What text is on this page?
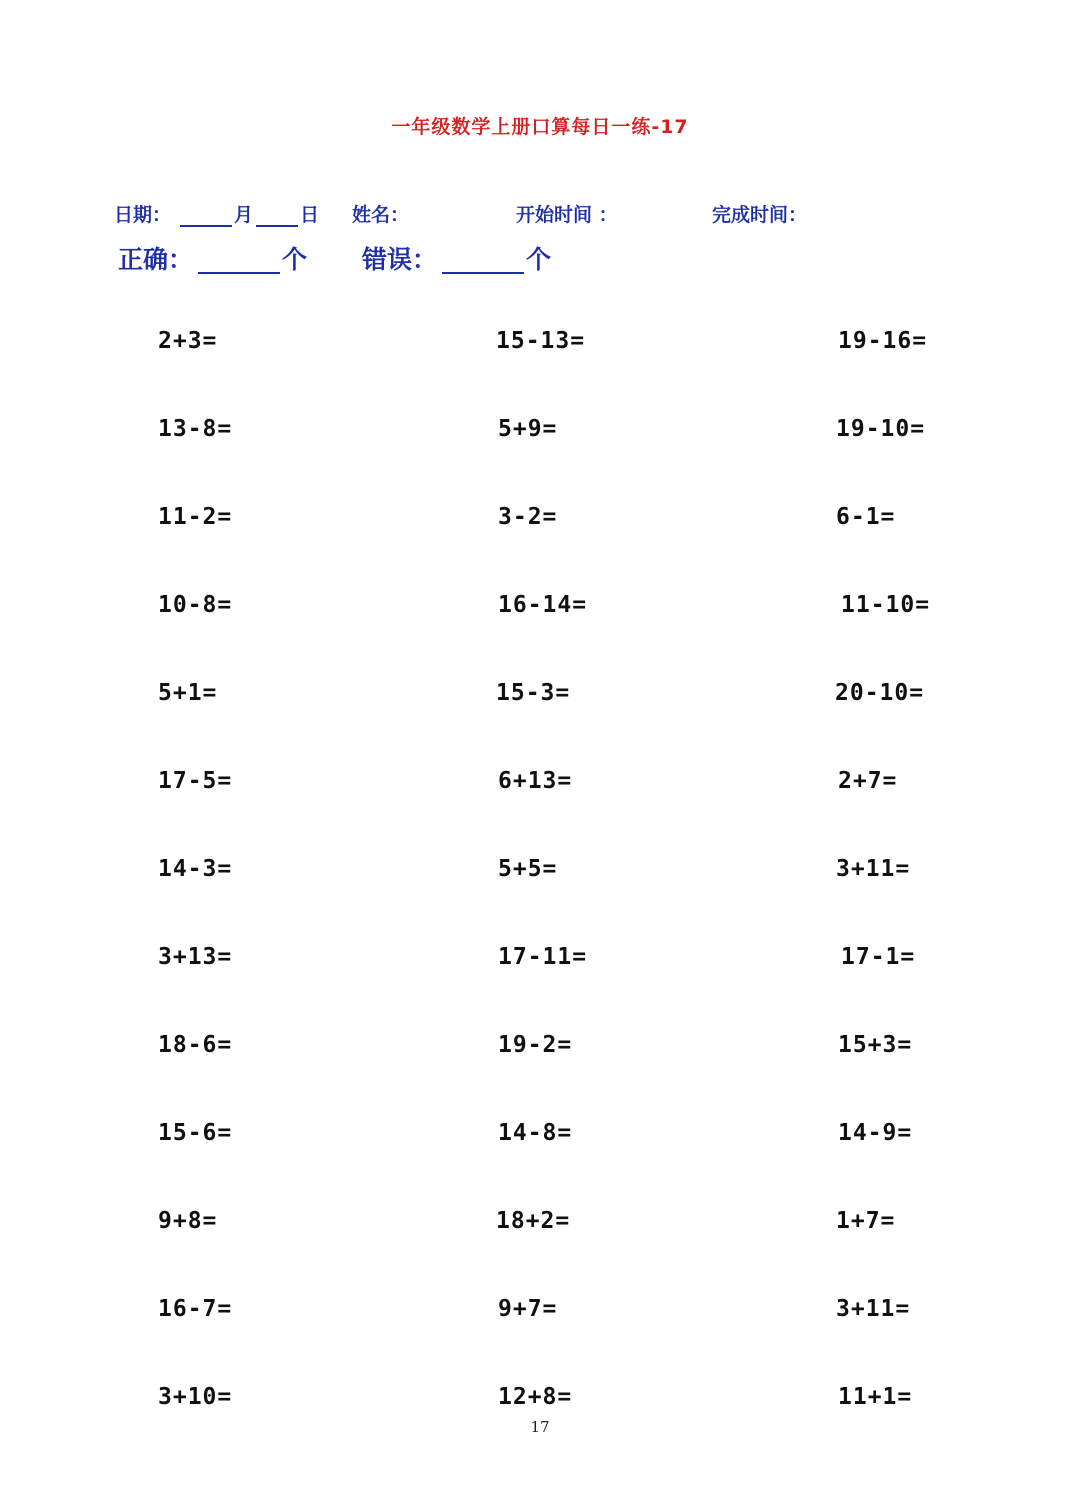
一年级数学上册口算每日一练-17
日期：	月 日 姓名：	开始时间 ：	完成时间：
正确：	个 错误：	个
2+3=	15-13=	19-16=
13-8=	5+9=	19-10=
11-2=	3-2=	6-1=
10-8=	16-14=	11-10=
5+1=	15-3=	20-10=
17-5=	6+13=	2+7=
14-3=	5+5=	3+11=
3+13=	17-11=	17-1=
18-6=	19-2=	15+3=
15-6=	14-8=	14-9=
9+8=	18+2=	1+7=
16-7=	9+7=	3+11=
3+10=	12+8=	11+1=
17
